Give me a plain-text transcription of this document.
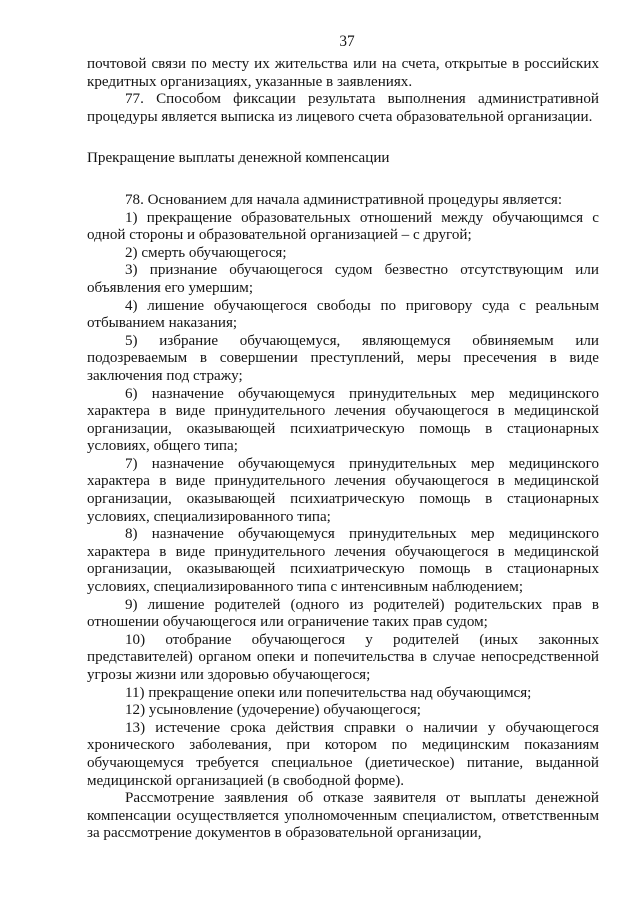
37

почтовой связи по месту их жительства или на счета, открытые в российских кредитных организациях, указанные в заявлениях.

77. Способом фиксации результата выполнения административной процедуры является выписка из лицевого счета образовательной организации.

Прекращение выплаты денежной компенсации

78. Основанием для начала административной процедуры является:

1) прекращение образовательных отношений между обучающимся с одной стороны и образовательной организацией – с другой;

2) смерть обучающегося;

3) признание обучающегося судом безвестно отсутствующим или объявления его умершим;

4) лишение обучающегося свободы по приговору суда с реальным отбыванием наказания;

5) избрание обучающемуся, являющемуся обвиняемым или подозреваемым в совершении преступлений, меры пресечения в виде заключения под стражу;

6) назначение обучающемуся принудительных мер медицинского характера в виде принудительного лечения обучающегося в медицинской организации, оказывающей психиатрическую помощь в стационарных условиях, общего типа;

7) назначение обучающемуся принудительных мер медицинского характера в виде принудительного лечения обучающегося в медицинской организации, оказывающей психиатрическую помощь в стационарных условиях, специализированного типа;

8) назначение обучающемуся принудительных мер медицинского характера в виде принудительного лечения обучающегося в медицинской организации, оказывающей психиатрическую помощь в стационарных условиях, специализированного типа с интенсивным наблюдением;

9) лишение родителей (одного из родителей) родительских прав в отношении обучающегося или ограничение таких прав судом;

10) отобрание обучающегося у родителей (иных законных представителей) органом опеки и попечительства в случае непосредственной угрозы жизни или здоровью обучающегося;

11) прекращение опеки или попечительства над обучающимся;

12) усыновление (удочерение) обучающегося;

13) истечение срока действия справки о наличии у обучающегося хронического заболевания, при котором по медицинским показаниям обучающемуся требуется специальное (диетическое) питание, выданной медицинской организацией (в свободной форме).

Рассмотрение заявления об отказе заявителя от выплаты денежной компенсации осуществляется уполномоченным специалистом, ответственным за рассмотрение документов в образовательной организации,
